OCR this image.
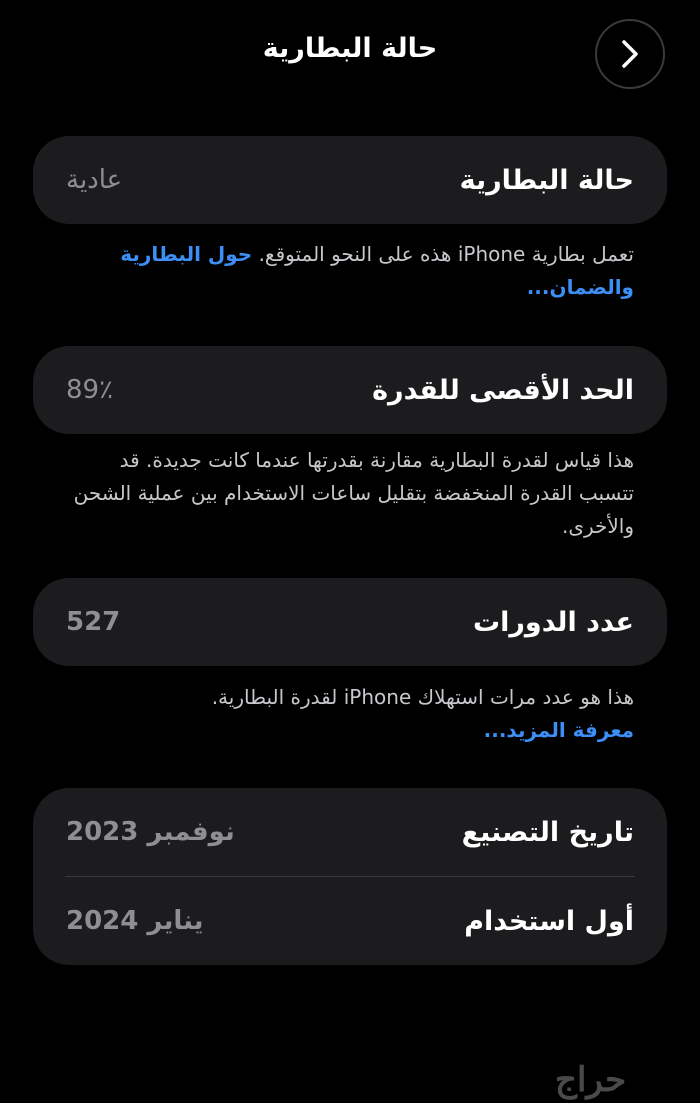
حالة البطارية
حالة البطارية
عادية
تعمل بطارية iPhone هذه على النحو المتوقع. حول البطارية والضمان...
الحد الأقصى للقدرة
89٪
هذا قياس لقدرة البطارية مقارنة بقدرتها عندما كانت جديدة. قد تتسبب القدرة المنخفضة بتقليل ساعات الاستخدام بين عملية الشحن والأخرى.
عدد الدورات
527
هذا هو عدد مرات استهلاك iPhone لقدرة البطارية.
معرفة المزيد...
تاريخ التصنيع
نوفمبر 2023
أول استخدام
يناير 2024
حراج
